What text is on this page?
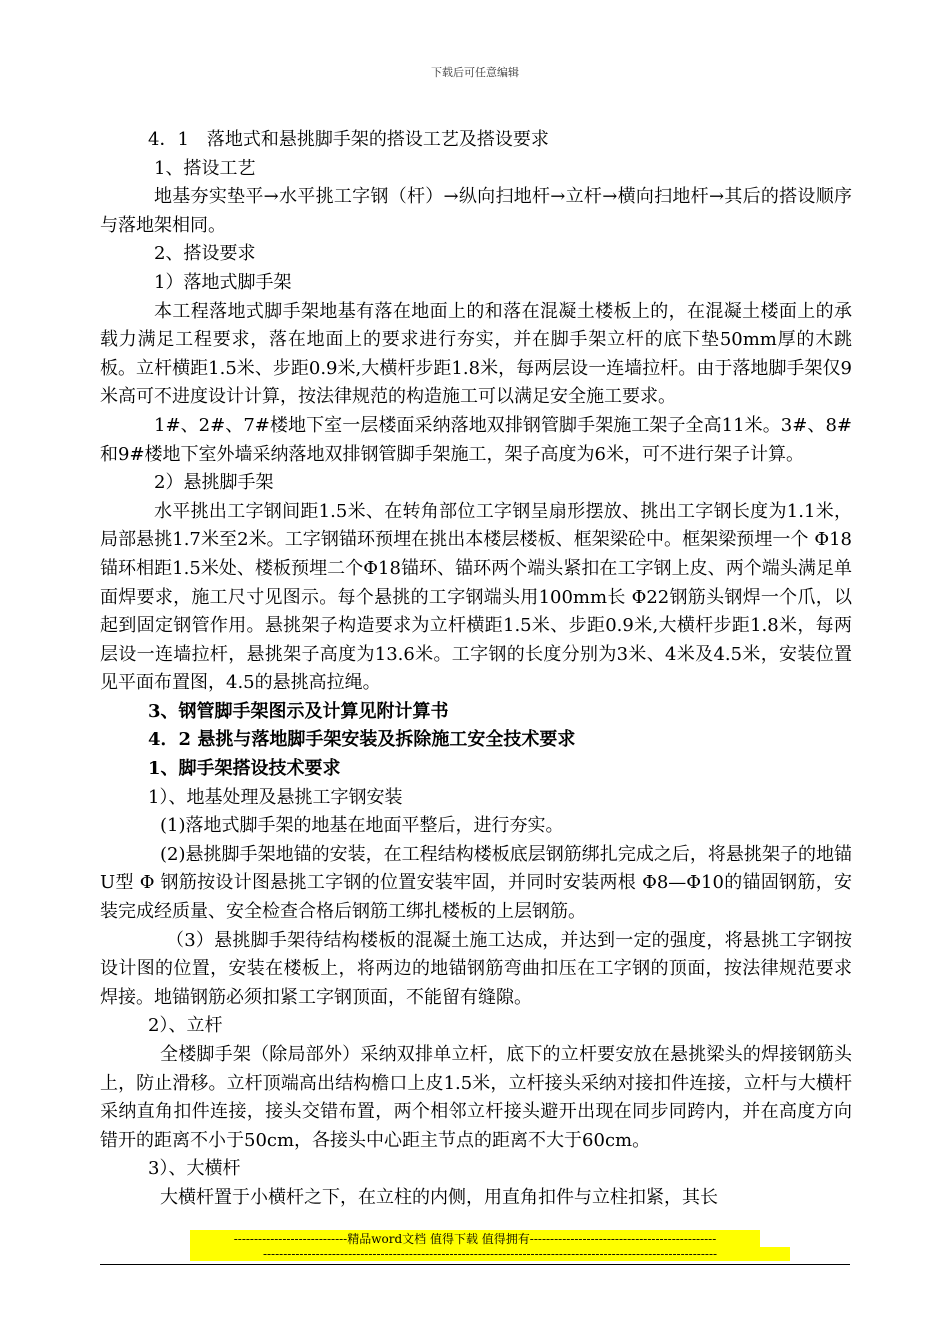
下载后可任意编辑

4．1　落地式和悬挑脚手架的搭设工艺及搭设要求

1、搭设工艺

地基夯实垫平→水平挑工字钢（杆）→纵向扫地杆→立杆→横向扫地杆→其后的搭设顺序与落地架相同。

2、搭设要求

1）落地式脚手架

本工程落地式脚手架地基有落在地面上的和落在混凝土楼板上的，在混凝土楼面上的承载力满足工程要求，落在地面上的要求进行夯实，并在脚手架立杆的底下垫50mm厚的木跳板。立杆横距1.5米、步距0.9米,大横杆步距1.8米，每两层设一连墙拉杆。由于落地脚手架仅9米高可不进度设计计算，按法律规范的构造施工可以满足安全施工要求。

1#、2#、7#楼地下室一层楼面采纳落地双排钢管脚手架施工架子全高11米。3#、8#和9#楼地下室外墙采纳落地双排钢管脚手架施工，架子高度为6米，可不进行架子计算。

2）悬挑脚手架

水平挑出工字钢间距1.5米、在转角部位工字钢呈扇形摆放、挑出工字钢长度为1.1米，局部悬挑1.7米至2米。工字钢锚环预埋在挑出本楼层楼板、框架梁砼中。框架梁预埋一个 Φ18锚环相距1.5米处、楼板预埋二个Φ18锚环、锚环两个端头紧扣在工字钢上皮、两个端头满足单面焊要求，施工尺寸见图示。每个悬挑的工字钢端头用100mm长 Φ22钢筋头钢焊一个爪，以起到固定钢管作用。悬挑架子构造要求为立杆横距1.5米、步距0.9米,大横杆步距1.8米，每两层设一连墙拉杆，悬挑架子高度为13.6米。工字钢的长度分别为3米、4米及4.5米，安装位置见平面布置图，4.5的悬挑高拉绳。

3、钢管脚手架图示及计算见附计算书

4．2 悬挑与落地脚手架安装及拆除施工安全技术要求

1、脚手架搭设技术要求

1）、地基处理及悬挑工字钢安装

(1)落地式脚手架的地基在地面平整后，进行夯实。

(2)悬挑脚手架地锚的安装，在工程结构楼板底层钢筋绑扎完成之后，将悬挑架子的地锚U型 Φ 钢筋按设计图悬挑工字钢的位置安装牢固，并同时安装两根 Φ8—Φ10的锚固钢筋，安装完成经质量、安全检查合格后钢筋工绑扎楼板的上层钢筋。

（3）悬挑脚手架待结构楼板的混凝土施工达成，并达到一定的强度，将悬挑工字钢按设计图的位置，安装在楼板上，将两边的地锚钢筋弯曲扣压在工字钢的顶面，按法律规范要求焊接。地锚钢筋必须扣紧工字钢顶面，不能留有缝隙。

2）、立杆

全楼脚手架（除局部外）采纳双排单立杆，底下的立杆要安放在悬挑梁头的焊接钢筋头上，防止滑移。立杆顶端高出结构檐口上皮1.5米，立杆接头采纳对接扣件连接，立杆与大横杆采纳直角扣件连接，接头交错布置，两个相邻立杆接头避开出现在同步同跨内，并在高度方向错开的距离不小于50cm，各接头中心距主节点的距离不大于60cm。

3）、大横杆

大横杆置于小横杆之下，在立柱的内侧，用直角扣件与立柱扣紧，其长

----------------------------精品word文档 值得下载 值得拥有----------------------------------------------
----------------------------------------------------------------------------------------------------------------
